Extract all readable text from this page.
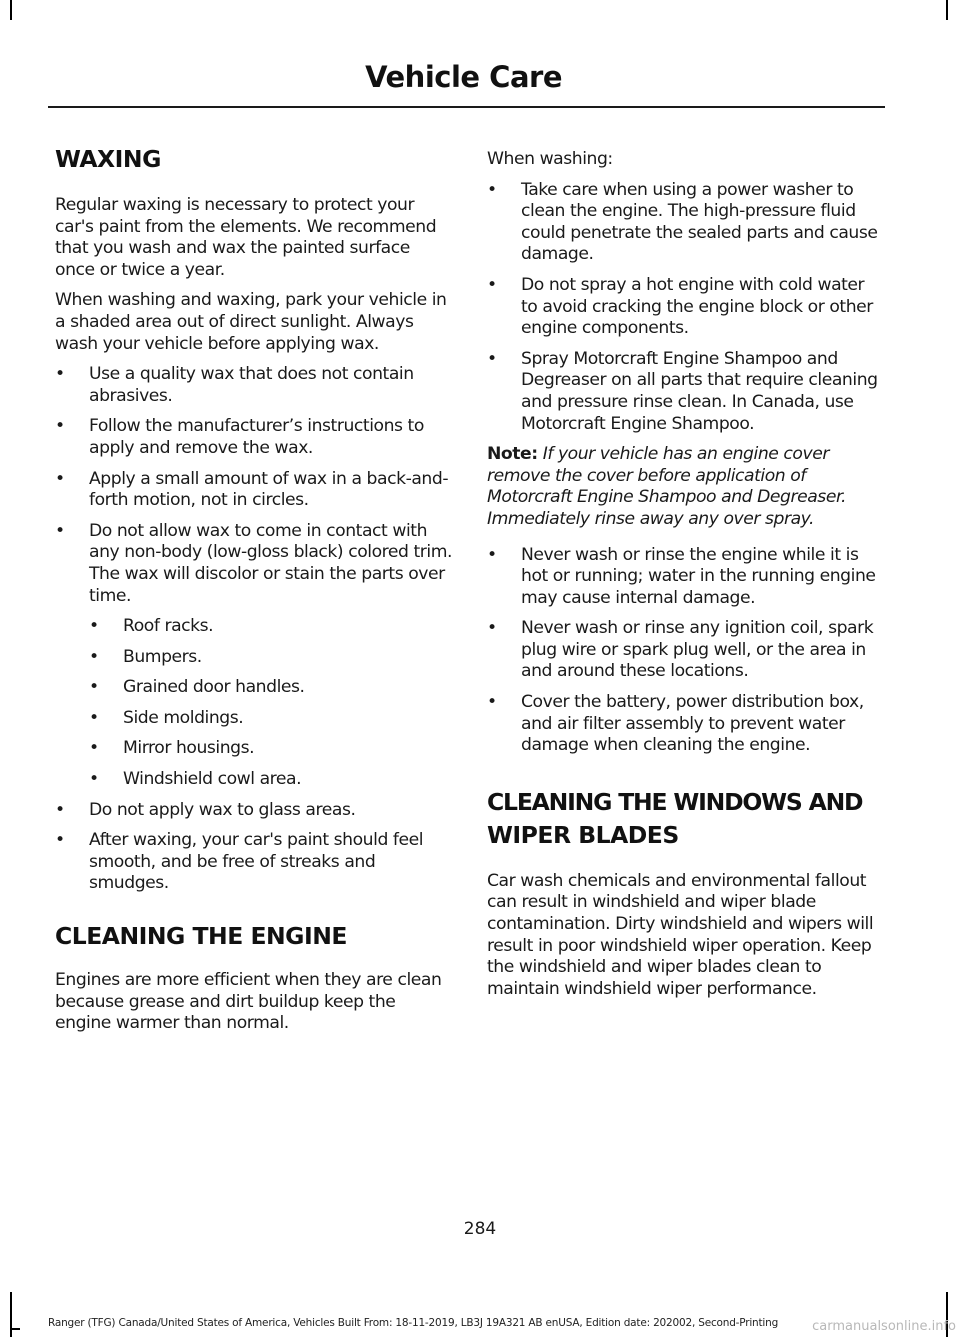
Vehicle Care
WAXING

Regular waxing is necessary to protect your car's paint from the elements. We recommend that you wash and wax the painted surface once or twice a year.

When washing and waxing, park your vehicle in a shaded area out of direct sunlight. Always wash your vehicle before applying wax.

• Use a quality wax that does not contain abrasives.
• Follow the manufacturer’s instructions to apply and remove the wax.
• Apply a small amount of wax in a back-and-forth motion, not in circles.
• Do not allow wax to come in contact with any non-body (low-gloss black) colored trim. The wax will discolor or stain the parts over time.
• Roof racks.
• Bumpers.
• Grained door handles.
• Side moldings.
• Mirror housings.
• Windshield cowl area.
• Do not apply wax to glass areas.
• After waxing, your car's paint should feel smooth, and be free of streaks and smudges.
CLEANING THE ENGINE

Engines are more efficient when they are clean because grease and dirt buildup keep the engine warmer than normal.

When washing:

• Take care when using a power washer to clean the engine. The high-pressure fluid could penetrate the sealed parts and cause damage.
• Do not spray a hot engine with cold water to avoid cracking the engine block or other engine components.
• Spray Motorcraft Engine Shampoo and Degreaser on all parts that require cleaning and pressure rinse clean. In Canada, use Motorcraft Engine Shampoo.

Note: If your vehicle has an engine cover remove the cover before application of Motorcraft Engine Shampoo and Degreaser. Immediately rinse away any over spray.

• Never wash or rinse the engine while it is hot or running; water in the running engine may cause internal damage.
• Never wash or rinse any ignition coil, spark plug wire or spark plug well, or the area in and around these locations.
• Cover the battery, power distribution box, and air filter assembly to prevent water damage when cleaning the engine.
CLEANING THE WINDOWS AND
WIPER BLADES

Car wash chemicals and environmental fallout can result in windshield and wiper blade contamination. Dirty windshield and wipers will result in poor windshield wiper operation. Keep the windshield and wiper blades clean to maintain windshield wiper performance.

284
Ranger (TFG) Canada/United States of America, Vehicles Built From: 18-11-2019, LB3J 19A321 AB enUSA, Edition date: 202002, Second-Printing	carmanualsonline.info
